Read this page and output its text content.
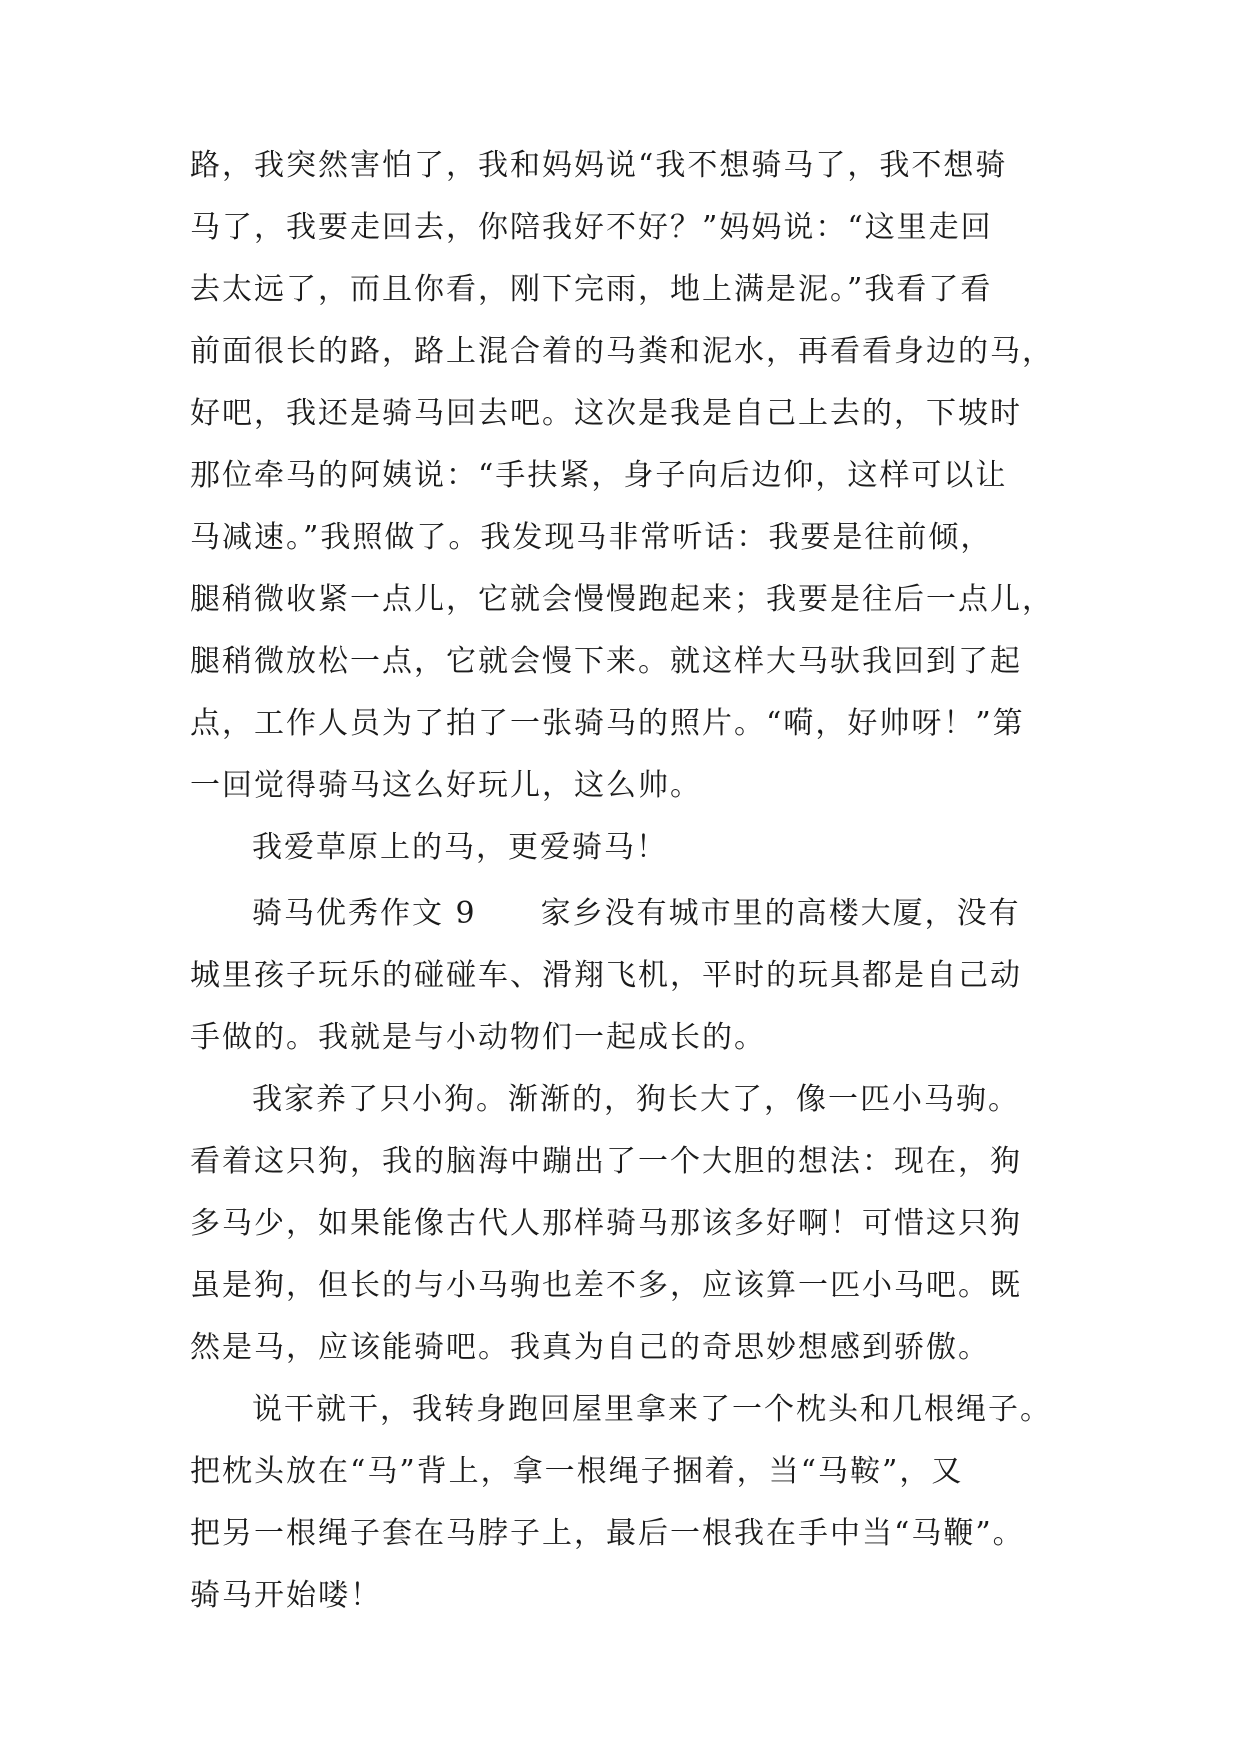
路，我突然害怕了，我和妈妈说“我不想骑马了，我不想骑
马了，我要走回去，你陪我好不好？”妈妈说：“这里走回
去太远了，而且你看，刚下完雨，地上满是泥。”我看了看
前面很长的路，路上混合着的马粪和泥水，再看看身边的马，
好吧，我还是骑马回去吧。这次是我是自己上去的，下坡时
那位牵马的阿姨说：“手扶紧，身子向后边仰，这样可以让
马减速。”我照做了。我发现马非常听话：我要是往前倾，
腿稍微收紧一点儿，它就会慢慢跑起来；我要是往后一点儿，
腿稍微放松一点，它就会慢下来。就这样大马驮我回到了起
点，工作人员为了拍了一张骑马的照片。“嗬，好帅呀！”第
一回觉得骑马这么好玩儿，这么帅。
我爱草原上的马，更爱骑马！
骑马优秀作文 9　　家乡没有城市里的高楼大厦，没有
城里孩子玩乐的碰碰车、滑翔飞机，平时的玩具都是自己动
手做的。我就是与小动物们一起成长的。
我家养了只小狗。渐渐的，狗长大了，像一匹小马驹。
看着这只狗，我的脑海中蹦出了一个大胆的想法：现在，狗
多马少，如果能像古代人那样骑马那该多好啊！可惜这只狗
虽是狗，但长的与小马驹也差不多，应该算一匹小马吧。既
然是马，应该能骑吧。我真为自己的奇思妙想感到骄傲。
说干就干，我转身跑回屋里拿来了一个枕头和几根绳子。
把枕头放在“马”背上，拿一根绳子捆着，当“马鞍”，又
把另一根绳子套在马脖子上，最后一根我在手中当“马鞭”。
骑马开始喽！
